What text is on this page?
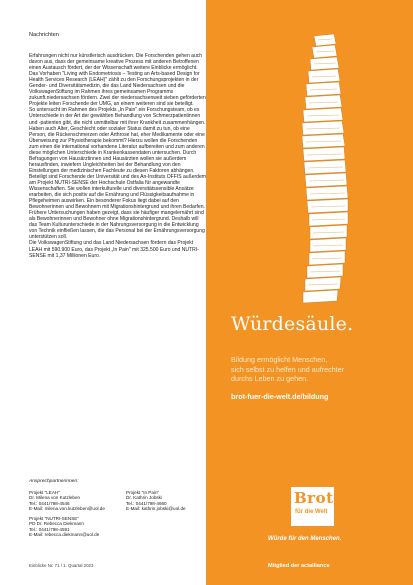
Nachrichten

Erfahrungen nicht nur künstlerisch ausdrücken. Die Forschenden gehen auch davon aus, dass der gemeinsame kreative Prozess mit anderen Betroffenen einen Austausch fördert, der der Wissenschaft weitere Einblicke ermöglicht.

Das Vorhaben "Living with Endometriosis – Testing an Arts-based Design for Health Services Research (LEAH)" zählt zu den Forschungsprojekten in der Gender- und Diversitätsmedizin, die das Land Niedersachsen und die VolkswagenStiftung im Rahmen ihres gemeinsamen Programms zukunft.niedersachsen fördern. Zwei der niedersachsenweit sieben geförderten Projekte leiten Forschende der UMG, an einem weiteren sind sie beteiligt.

So untersucht im Rahmen des Projekts „In Pain" ein Forschungsteam, ob es Unterschiede in der Art der gewählten Behandlung von Schmerzpatientinnen und -patienten gibt, die nicht unmittelbar mit ihrer Krankheit zusammenhängen.

Haben auch Alter, Geschlecht oder sozialer Status damit zu tun, ob eine Person, die Rückenschmerzen oder Arthrose hat, eher Medikamente oder eine Überweisung zur Physiotherapie bekommt? Hierzu wollen die Forschenden zum einen die international vorhandene Literatur aufbereiten und zum anderen diese möglichen Unterschiede in Krankenkassendaten untersuchen. Durch Befragungen von Hausärztinnen und Hausärzten wollen sie außerdem herausfinden, inwiefern Ungleichheiten bei der Behandlung von den Einstellungen der medizinischen Fachleute zu diesen Faktoren abhängen.

Beteiligt sind Forschende der Universität und des An-Instituts OFFIS außerdem am Projekt NUTRI-SENSE der Hochschule Ostfalia für angewandte Wissenschaften. Sie wollen interkulturelle und diversitätssensible Ansätze erarbeiten, die sich positiv auf die Ernährung und Flüssigkeitsaufnahme in Pflegeheimen auswirken. Ein besonderer Fokus liegt dabei auf den Bewohnerinnen und Bewohnern mit Migrationshintergrund und ihren Bedarfen. Frühere Untersuchungen haben gezeigt, dass sie häufiger mangelernährt sind als Bewohnerinnen und Bewohner ohne Migrationshintergrund. Deshalb will das Team Kulturunterschiede in der Nahrungsversorgung in die Entwicklung von Technik einfließen lassen, die das Personal bei der Ernährungsversorgung unterstützen soll.

Die VolkswagenStiftung und das Land Niedersachsen fördern das Projekt LEAH mit 590.900 Euro, das Projekt „In Pain" mit 325.500 Euro und NUTRI-SENSE mit 1,37 Millionen Euro.

Ansprechpartnerinnen:
Projekt "LEAH"
Dr. Milena von Kutzleben
Tel.: 0441/798-4546
E-Mail: milena.von.kutzleben@uol.de
Projekt "In Pain"
Dr. Kathrin Jobski
Tel.: 0441/798-4660
E-Mail: kathrin.jobski@uol.de
Projekt "NUTRI-SENSE"
PD Dr. Rebecca Diekmann
Tel.: 0441/798-4591
E-Mail: rebecca.diekmann@uol.de
Einblicke Nr. 71 / 1. Quartal 2023
Würdesäule.
Bildung ermöglicht Menschen,
sich selbst zu helfen und aufrechter
durchs Leben zu gehen.
brot-fuer-die-welt.de/bildung
Brot
für die Welt
Würde für den Menschen.
Mitglied der actalliance
